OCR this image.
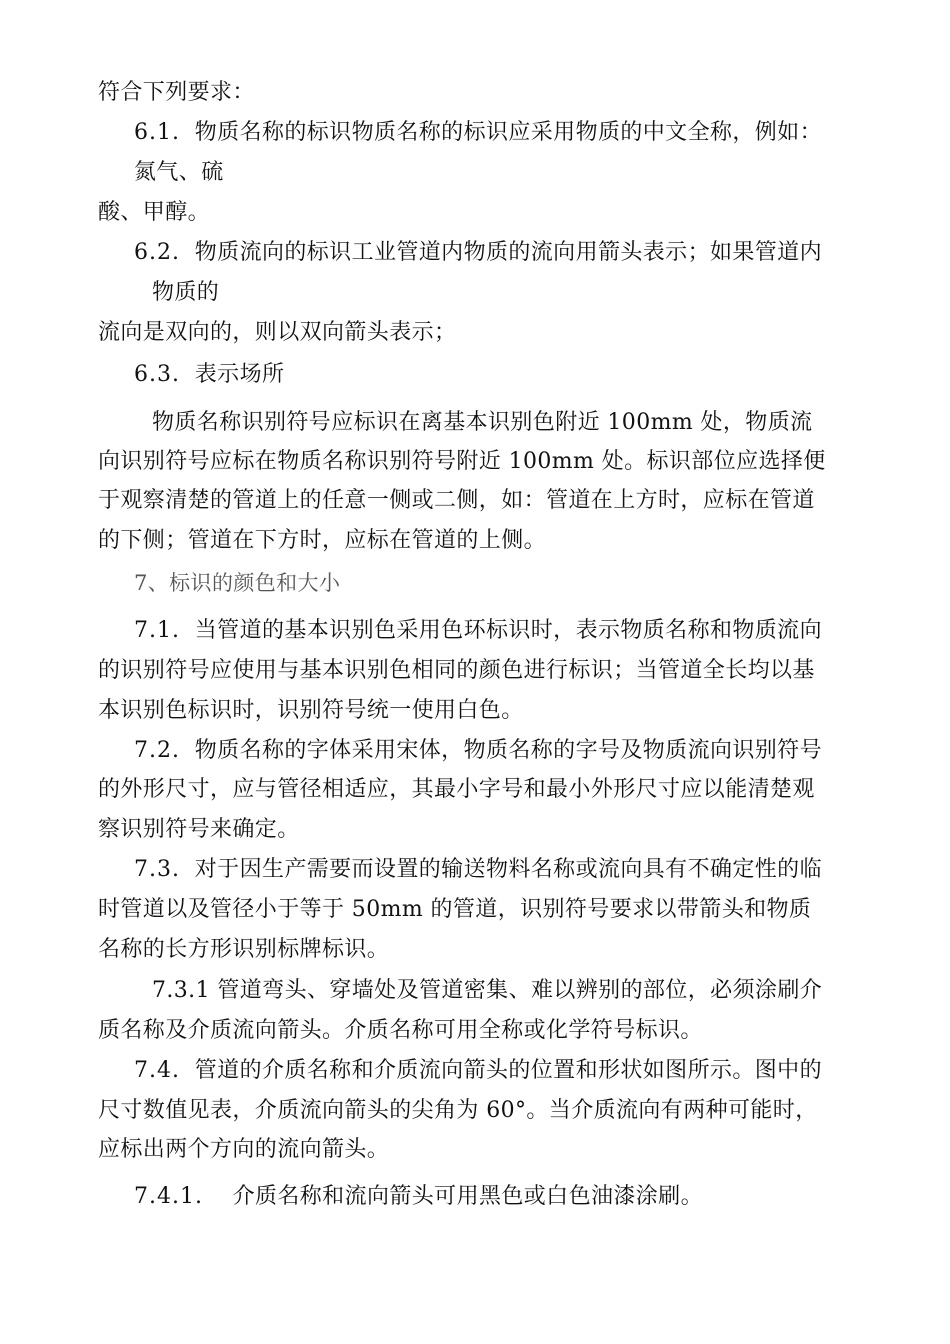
符合下列要求：
6.1. 物质名称的标识物质名称的标识应采用物质的中文全称，例如：
氮气、硫
酸、甲醇。
6.2. 物质流向的标识工业管道内物质的流向用箭头表示；如果管道内
物质的
流向是双向的，则以双向箭头表示；
6.3. 表示场所
物质名称识别符号应标识在离基本识别色附近 100mm 处，物质流
向识别符号应标在物质名称识别符号附近 100mm 处。标识部位应选择便
于观察清楚的管道上的任意一侧或二侧，如：管道在上方时，应标在管道
的下侧；管道在下方时，应标在管道的上侧。
7、标识的颜色和大小
7.1. 当管道的基本识别色采用色环标识时，表示物质名称和物质流向
的识别符号应使用与基本识别色相同的颜色进行标识；当管道全长均以基
本识别色标识时，识别符号统一使用白色。
7.2. 物质名称的字体采用宋体，物质名称的字号及物质流向识别符号
的外形尺寸，应与管径相适应，其最小字号和最小外形尺寸应以能清楚观
察识别符号来确定。
7.3. 对于因生产需要而设置的输送物料名称或流向具有不确定性的临
时管道以及管径小于等于 50mm 的管道，识别符号要求以带箭头和物质
名称的长方形识别标牌标识。
7.3.1 管道弯头、穿墙处及管道密集、难以辨别的部位，必须涂刷介
质名称及介质流向箭头。介质名称可用全称或化学符号标识。
7.4. 管道的介质名称和介质流向箭头的位置和形状如图所示。图中的
尺寸数值见表，介质流向箭头的尖角为 60°。当介质流向有两种可能时，
应标出两个方向的流向箭头。
7.4.1. 介质名称和流向箭头可用黑色或白色油漆涂刷。
